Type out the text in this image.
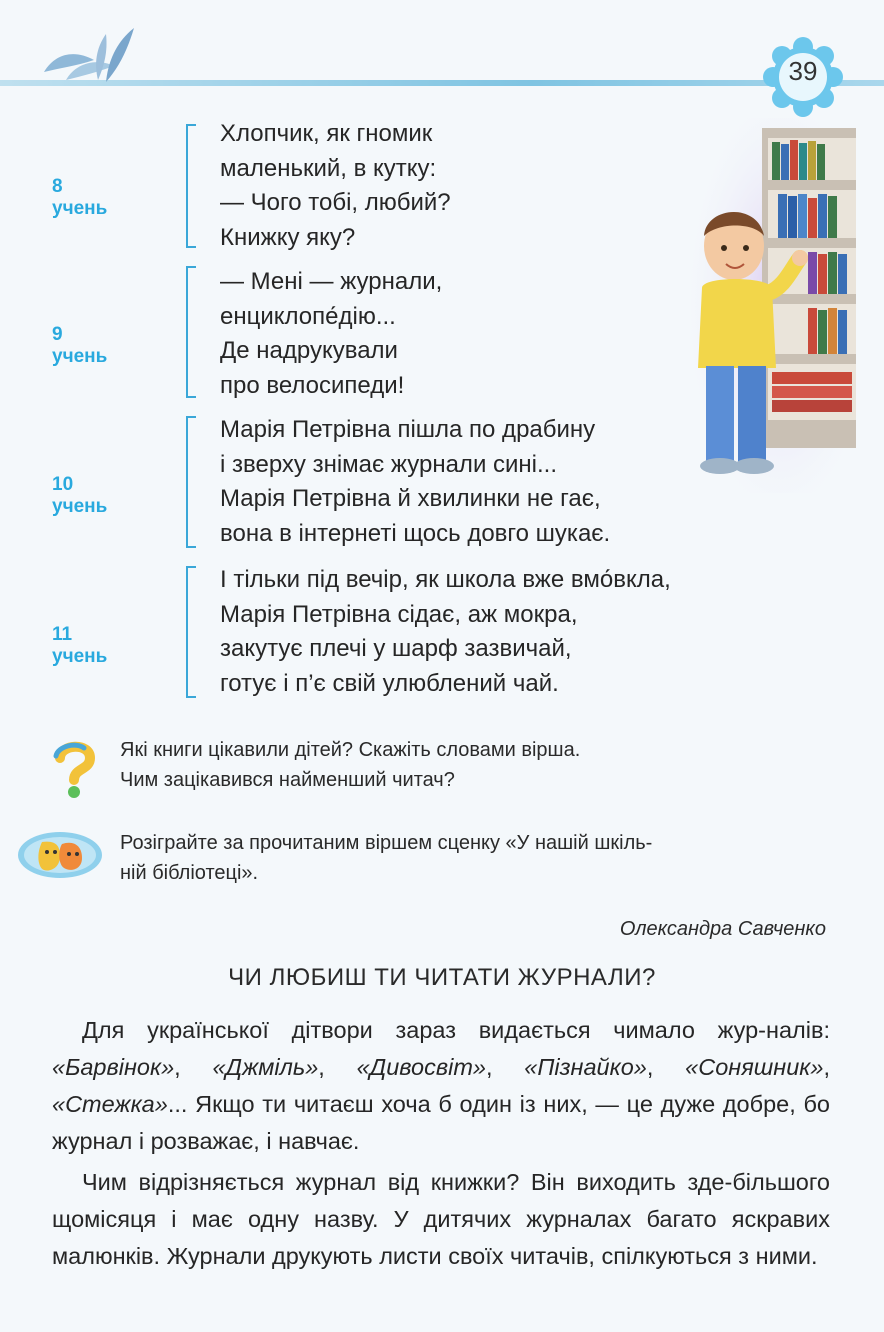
39
8 учень
Хлопчик, як гномик
маленький, в кутку:
— Чого тобі, любий?
Книжку яку?
9 учень
— Мені — журнали,
енциклопе́дію...
Де надрукували
про велосипеди!
10 учень
Марія Петрівна пішла по драбину
і зверху знімає журнали сині...
Марія Петрівна й хвилинки не гає,
вона в інтернеті щось довго шукає.
11 учень
І тільки під вечір, як школа вже вмо́вкла,
Марія Петрівна сідає, аж мокра,
закутує плечі у шарф зазвичай,
готує і п’є свій улюблений чай.
Які книги цікавили дітей? Скажіть словами вірша.
Чим зацікавився найменший читач?
Розіграйте за прочитаним віршем сценку «У нашій шкіль-
ній бібліотеці».
Олександра Савченко
ЧИ ЛЮБИШ ТИ ЧИТАТИ ЖУРНАЛИ?

Для української дітвори зараз видається чимало жур-налів: «Барвінок», «Джміль», «Дивосвіт», «Пізнайко», «Соняшник», «Стежка»... Якщо ти читаєш хоча б один із них, — це дуже добре, бо журнал і розважає, і навчає.

Чим відрізняється журнал від книжки? Він виходить зде-більшого щомісяця і має одну назву. У дитячих журналах багато яскравих малюнків. Журнали друкують листи своїх читачів, спілкуються з ними.
